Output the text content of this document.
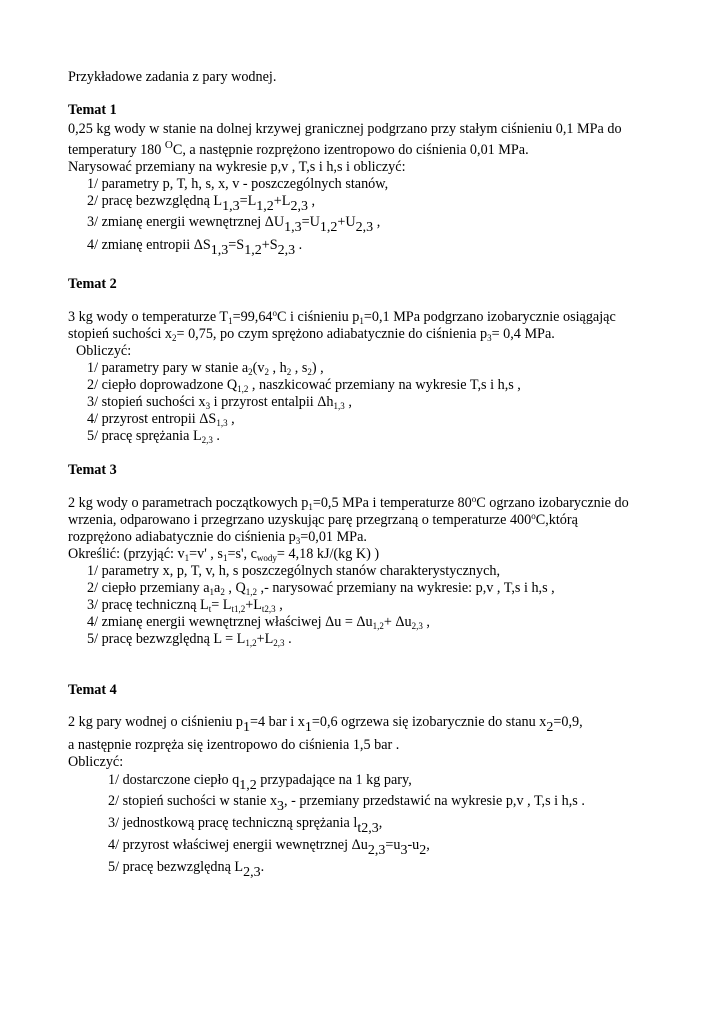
Przykładowe zadania z pary wodnej.
Temat 1
0,25 kg wody w stanie na dolnej krzywej granicznej podgrzano przy stałym ciśnieniu 0,1 MPa do
temperatury 180 $^O$C, a następnie rozprężono izentropowo do ciśnienia 0,01 MPa.
Narysować przemiany na wykresie p,v , T,s i h,s i obliczyć:
1/ parametry p, T, h, s, x, v - poszczególnych stanów,
2/ pracę bezwzględną $L_{1,3}=L_{1,2}+L_{2,3}$ ,
3/ zmianę energii wewnętrznej $\Delta U_{1,3}=U_{1,2}+U_{2,3}$ ,
4/ zmianę entropii $\Delta S_{1,3}=S_{1,2}+S_{2,3}$ .
Temat 2
3 kg wody o temperaturze $T_1=99,64^oC$ i ciśnieniu $p_1=0,1$ MPa podgrzano izobarycznie osiągając
stopień suchości $x_2= 0,75$, po czym sprężono adiabatycznie do ciśnienia $p_3= 0,4$ MPa.
Obliczyć:
1/ parametry pary w stanie $a_2(v_2$ , $h_2$ , $s_2$) ,
2/ ciepło doprowadzone $Q_{1,2}$ , naszkicować przemiany na wykresie T,s i h,s ,
3/ stopień suchości $x_3$ i przyrost entalpii $\Delta h_{1,3}$ ,
4/ przyrost entropii $\Delta S_{1,3}$ ,
5/ pracę sprężania $L_{2,3}$ .
Temat 3
2 kg wody o parametrach początkowych $p_1=0,5$ MPa i temperaturze 80$^o$C ogrzano izobarycznie do
wrzenia, odparowano i przegrzano uzyskując parę przegrzaną o temperaturze 400$^o$C,którą
rozprężono adiabatycznie do ciśnienia $p_3=0,01$ MPa.
Określić: (przyjąć: $v_1=v'$ , $s_1=s'$, $c_{wody}= 4,18$ kJ/(kg K) )
1/ parametry x, p, T, v, h, s poszczególnych stanów charakterystycznych,
2/ ciepło przemiany $a_1a_2$ , $Q_{1,2}$ ,- narysować przemiany na wykresie: p,v , T,s i h,s ,
3/ pracę techniczną $L_t= L_{t1,2}+L_{t2,3}$ ,
4/ zmianę energii wewnętrznej właściwej $\Delta u = \Delta u_{1,2}+ \Delta u_{2,3}$ ,
5/ pracę bezwzględną $L = L_{1,2}+L_{2,3}$ .
Temat 4
2 kg pary wodnej o ciśnieniu $p_1=4$ bar i $x_1=0,6$ ogrzewa się izobarycznie do stanu $x_2=0,9$,
a następnie rozpręża się izentropowo do ciśnienia 1,5 bar .
Obliczyć:
1/ dostarczone ciepło $q_{1,2}$ przypadające na 1 kg pary,
2/ stopień suchości w stanie $x_3$, - przemiany przedstawić na wykresie p,v , T,s i h,s .
3/ jednostkową pracę techniczną sprężania $l_{t2,3}$,
4/ przyrost właściwej energii wewnętrznej $\Delta u_{2,3}=u_3-u_2$,
5/ pracę bezwzględną $L_{2,3}$.
